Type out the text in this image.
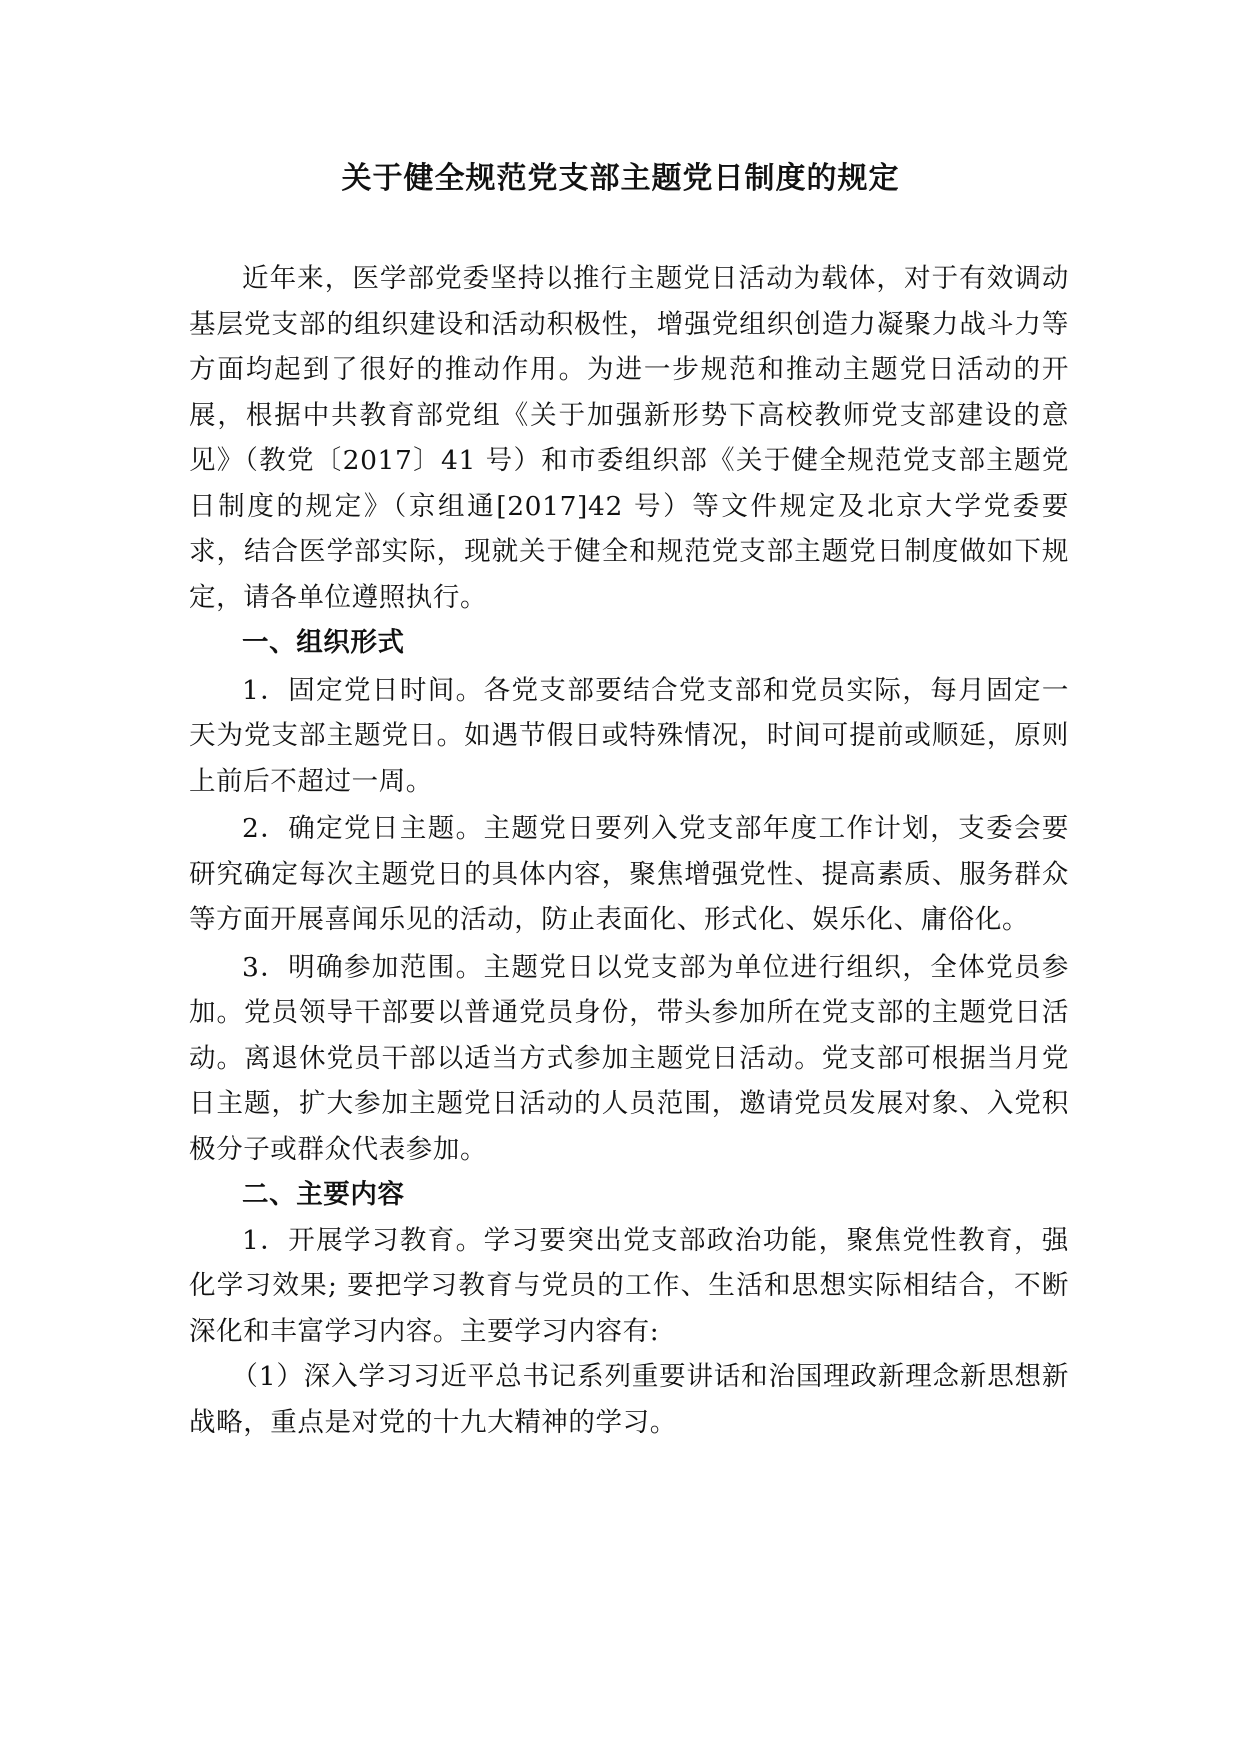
关于健全规范党支部主题党日制度的规定

近年来，医学部党委坚持以推行主题党日活动为载体，对于有效调动基层党支部的组织建设和活动积极性，增强党组织创造力凝聚力战斗力等方面均起到了很好的推动作用。为进一步规范和推动主题党日活动的开展，根据中共教育部党组《关于加强新形势下高校教师党支部建设的意见》（教党〔2017〕41 号）和市委组织部《关于健全规范党支部主题党日制度的规定》（京组通[2017]42 号）等文件规定及北京大学党委要求，结合医学部实际，现就关于健全和规范党支部主题党日制度做如下规定，请各单位遵照执行。

一、组织形式

1．固定党日时间。各党支部要结合党支部和党员实际，每月固定一天为党支部主题党日。如遇节假日或特殊情况，时间可提前或顺延，原则上前后不超过一周。

2．确定党日主题。主题党日要列入党支部年度工作计划，支委会要研究确定每次主题党日的具体内容，聚焦增强党性、提高素质、服务群众等方面开展喜闻乐见的活动，防止表面化、形式化、娱乐化、庸俗化。

3．明确参加范围。主题党日以党支部为单位进行组织，全体党员参加。党员领导干部要以普通党员身份，带头参加所在党支部的主题党日活动。离退休党员干部以适当方式参加主题党日活动。党支部可根据当月党日主题，扩大参加主题党日活动的人员范围，邀请党员发展对象、入党积极分子或群众代表参加。

二、主要内容

1．开展学习教育。学习要突出党支部政治功能，聚焦党性教育，强化学习效果; 要把学习教育与党员的工作、生活和思想实际相结合，不断深化和丰富学习内容。主要学习内容有:

（1）深入学习习近平总书记系列重要讲话和治国理政新理念新思想新战略，重点是对党的十九大精神的学习。
